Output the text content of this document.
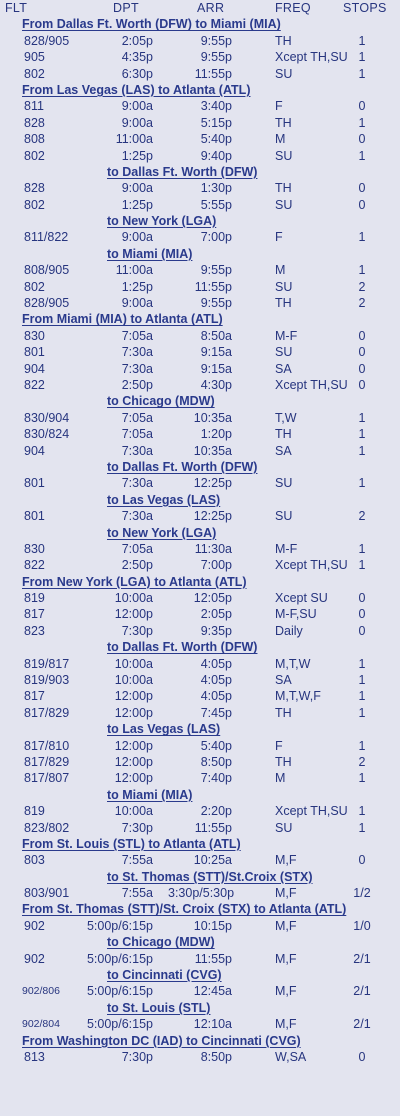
FLT	DPT	ARR	FREQ	STOPS
From Dallas Ft. Worth (DFW) to Miami (MIA)
828/905	2:05p	9:55p	TH	1
905	4:35p	9:55p	Xcept TH,SU 1
802	6:30p	11:55p	SU	1
From Las Vegas (LAS) to Atlanta (ATL)
811	9:00a	3:40p	F	0
828	9:00a	5:15p	TH	1
808	11:00a	5:40p	M	0
802	1:25p	9:40p	SU	1
to Dallas Ft. Worth (DFW)
828	9:00a	1:30p	TH	0
802	1:25p	5:55p	SU	0
to New York (LGA)
811/822	9:00a	7:00p	F	1
to Miami (MIA)
808/905	11:00a	9:55p	M	1
802	1:25p	11:55p	SU	2
828/905	9:00a	9:55p	TH	2
From Miami (MIA) to Atlanta (ATL)
830	7:05a	8:50a	M-F	0
801	7:30a	9:15a	SU	0
904	7:30a	9:15a	SA	0
822	2:50p	4:30p	Xcept TH,SU 0
to Chicago (MDW)
830/904	7:05a	10:35a	T,W	1
830/824	7:05a	1:20p	TH	1
904	7:30a	10:35a	SA	1
to Dallas Ft. Worth (DFW)
801	7:30a	12:25p	SU	1
to Las Vegas (LAS)
801	7:30a	12:25p	SU	2
to New York (LGA)
830	7:05a	11:30a	M-F	1
822	2:50p	7:00p	Xcept TH,SU 1
From New York (LGA) to Atlanta (ATL)
819	10:00a	12:05p	Xcept SU	0
817	12:00p	2:05p	M-F,SU	0
823	7:30p	9:35p	Daily	0
to Dallas Ft. Worth (DFW)
819/817	10:00a	4:05p	M,T,W	1
819/903	10:00a	4:05p	SA	1
817	12:00p	4:05p	M,T,W,F	1
817/829	12:00p	7:45p	TH	1
to Las Vegas (LAS)
817/810	12:00p	5:40p	F	1
817/829	12:00p	8:50p	TH	2
817/807	12:00p	7:40p	M	1
to Miami (MIA)
819	10:00a	2:20p	Xcept TH,SU 1
823/802	7:30p	11:55p	SU	1
From St. Louis (STL) to Atlanta (ATL)
803	7:55a	10:25a	M,F	0
to St. Thomas (STT)/St.Croix (STX)
803/901	7:55a 3:30p/5:30p	M,F	1/2
From St. Thomas (STT)/St. Croix (STX) to Atlanta (ATL)
902	5:00p/6:15p	10:15p	M,F	1/0
to Chicago (MDW)
902	5:00p/6:15p	11:55p	M,F	2/1
to Cincinnati (CVG)
902/806	5:00p/6:15p	12:45a	M,F	2/1
to St. Louis (STL)
902/804	5:00p/6:15p	12:10a	M,F	2/1
From Washington DC (IAD) to Cincinnati (CVG)
813	7:30p	8:50p	W,SA	0
